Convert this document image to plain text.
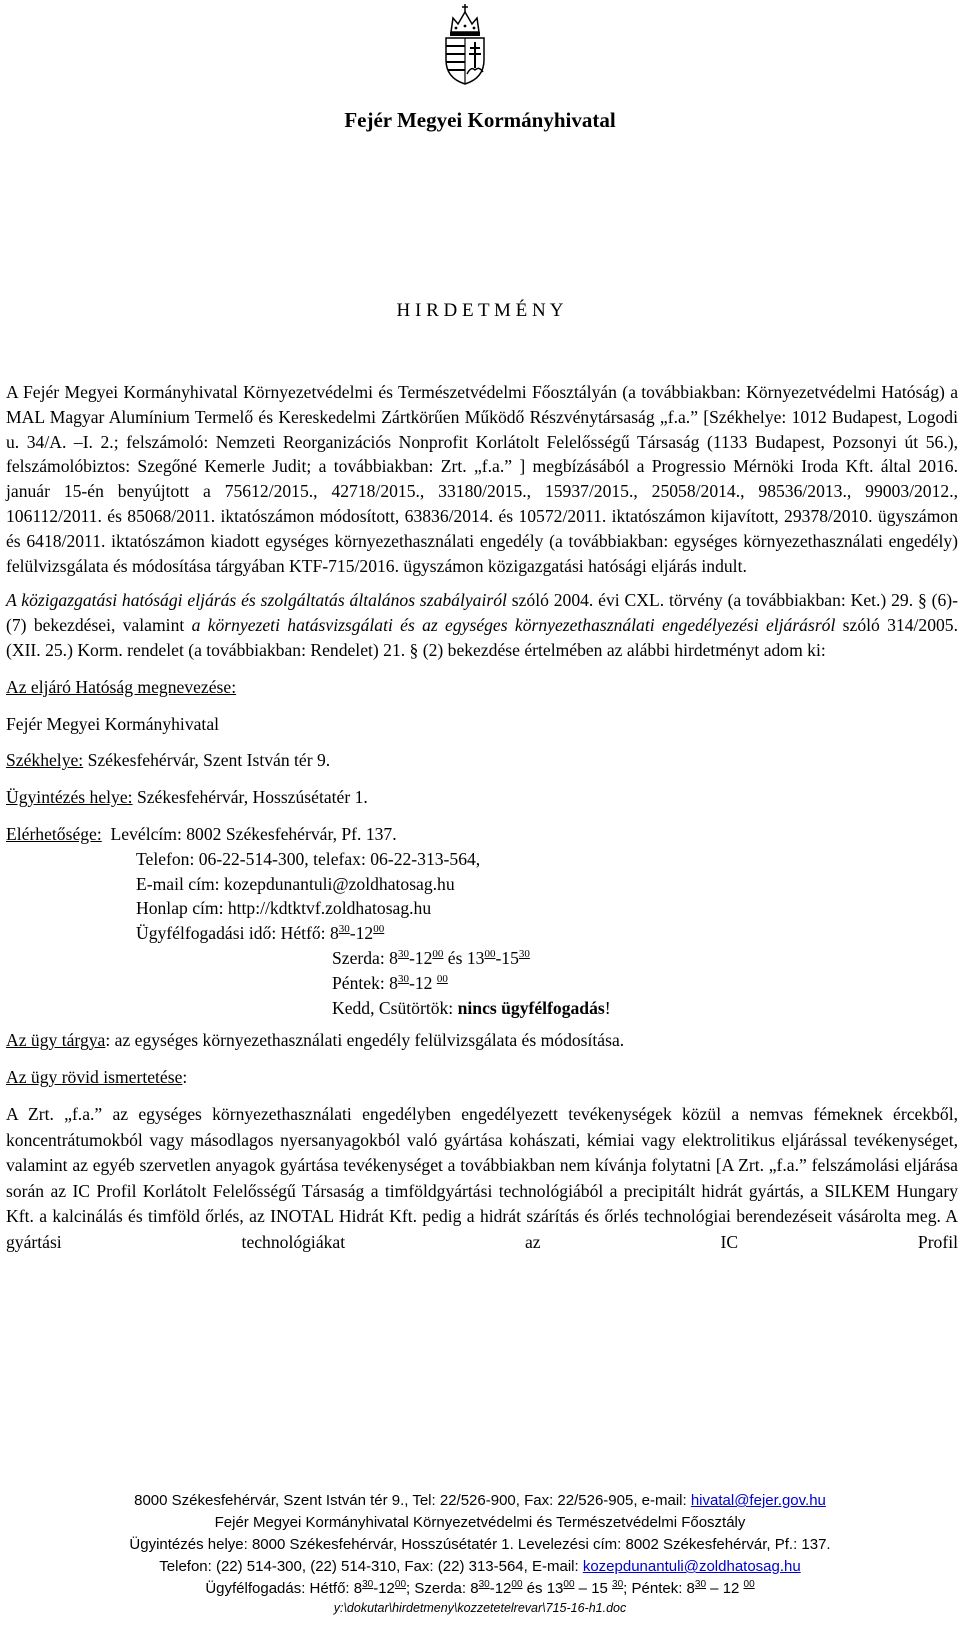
Fejér Megyei Kormányhivatal
H I R D E T M É N Y

A Fejér Megyei Kormányhivatal Környezetvédelmi és Természetvédelmi Főosztályán (a továbbiakban: Környezetvédelmi Hatóság) a MAL Magyar Alumínium Termelő és Kereskedelmi Zártkörűen Működő Részvénytársaság „f.a.” [Székhelye: 1012 Budapest, Logodi u. 34/A. –I. 2.; felszámoló: Nemzeti Reorganizációs Nonprofit Korlátolt Felelősségű Társaság (1133 Budapest, Pozsonyi út 56.), felszámolóbiztos: Szegőné Kemerle Judit; a továbbiakban: Zrt. „f.a.” ] megbízásából a Progressio Mérnöki Iroda Kft. által 2016. január 15-én benyújtott a 75612/2015., 42718/2015., 33180/2015., 15937/2015., 25058/2014., 98536/2013., 99003/2012., 106112/2011. és 85068/2011. iktatószámon módosított, 63836/2014. és 10572/2011. iktatószámon kijavított, 29378/2010. ügyszámon és 6418/2011. iktatószámon kiadott egységes környezethasználati engedély (a továbbiakban: egységes környezethasználati engedély) felülvizsgálata és módosítása tárgyában KTF-715/2016. ügyszámon közigazgatási hatósági eljárás indult.

A közigazgatási hatósági eljárás és szolgáltatás általános szabályairól szóló 2004. évi CXL. törvény (a továbbiakban: Ket.) 29. § (6)-(7) bekezdései, valamint a környezeti hatásvizsgálati és az egységes környezethasználati engedélyezési eljárásról szóló 314/2005. (XII. 25.) Korm. rendelet (a továbbiakban: Rendelet) 21. § (2) bekezdése értelmében az alábbi hirdetményt adom ki:

Az eljáró Hatóság megnevezése:

Fejér Megyei Kormányhivatal

Székhelye: Székesfehérvár, Szent István tér 9.

Ügyintézés helye: Székesfehérvár, Hosszúsétatér 1.

Elérhetősége: Levélcím: 8002 Székesfehérvár, Pf. 137.

Telefon: 06-22-514-300, telefax: 06-22-313-564,

E-mail cím: kozepdunantuli@zoldhatosag.hu

Honlap cím: http://kdtktvf.zoldhatosag.hu

Ügyfélfogadási idő: Hétfő: $8^{30}-12^{00}$

Szerda: $8^{30}-12^{00}$ és $13^{00}-15^{30}$

Péntek: $8^{30}-12$ $^{00}$

Kedd, Csütörtök: nincs ügyfélfogadás!

Az ügy tárgya: az egységes környezethasználati engedély felülvizsgálata és módosítása.

Az ügy rövid ismertetése:

A Zrt. „f.a.” az egységes környezethasználati engedélyben engedélyezett tevékenységek közül a nemvas fémeknek ércekből, koncentrátumokból vagy másodlagos nyersanyagokból való gyártása kohászati, kémiai vagy elektrolitikus eljárással tevékenységet, valamint az egyéb szervetlen anyagok gyártása tevékenységet a továbbiakban nem kívánja folytatni [A Zrt. „f.a.” felszámolási eljárása során az IC Profil Korlátolt Felelősségű Társaság a timföldgyártási technológiából a precipitált hidrát gyártás, a SILKEM Hungary Kft. a kalcinálás és timföld őrlés, az INOTAL Hidrát Kft. pedig a hidrát szárítás és őrlés technológiai berendezéseit vásárolta meg. A gyártási technológiákat az IC Profil

8000 Székesfehérvár, Szent István tér 9., Tel: 22/526-900, Fax: 22/526-905, e-mail: hivatal@fejer.gov.hu

Fejér Megyei Kormányhivatal Környezetvédelmi és Természetvédelmi Főosztály

Ügyintézés helye: 8000 Székesfehérvár, Hosszúsétatér 1. Levelezési cím: 8002 Székesfehérvár, Pf.: 137.

Telefon: (22) 514-300, (22) 514-310, Fax: (22) 313-564, E-mail: kozepdunantuli@zoldhatosag.hu

Ügyfélfogadás: Hétfő: $8^{30}-12^{00}$; Szerda: $8^{30}-12^{00}$ és $13^{00} - 15$ $^{30}$; Péntek: $8^{30} - 12$ $^{00}$

y:\dokutar\hirdetmeny\kozzetetelrevar\715-16-h1.doc
